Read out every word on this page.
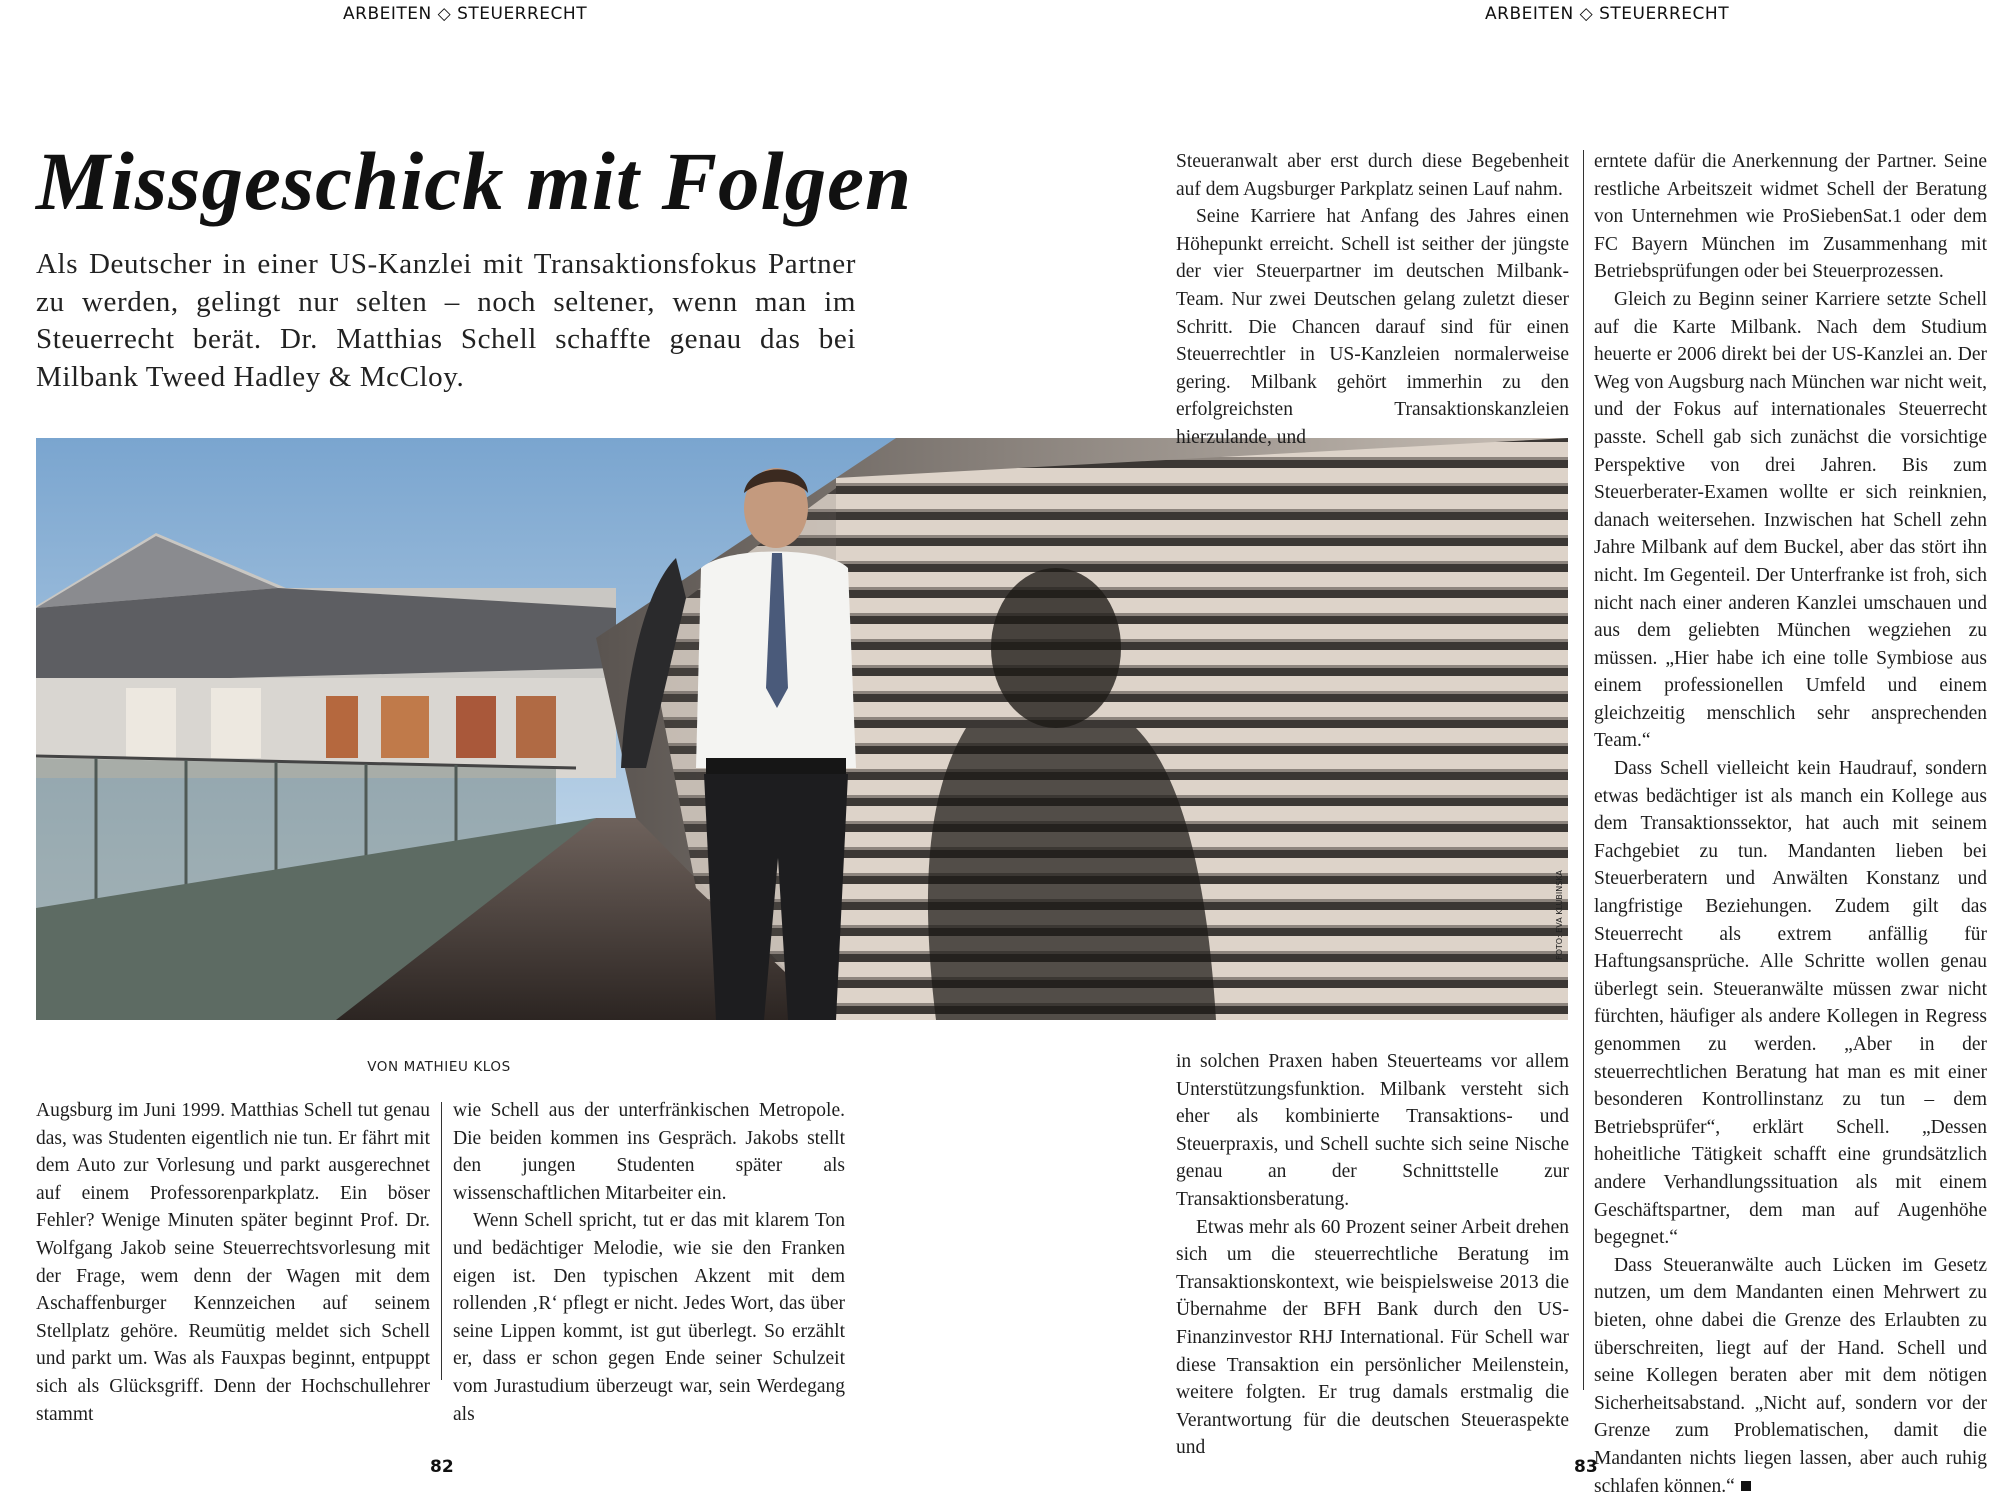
ARBEITEN ◇ STEUERRECHT	ARBEITEN ◇ STEUERRECHT
Missgeschick mit Folgen
Als Deutscher in einer US-Kanzlei mit Transaktionsfokus Partner zu werden, gelingt nur selten – noch seltener, wenn man im Steuerrecht berät. Dr. Matthias Schell schaffte genau das bei Milbank Tweed Hadley & McCloy.
FOTO: EVA KLUBINSKA
VON MATHIEU KLOS

Augsburg im Juni 1999. Matthias Schell tut genau das, was Studenten eigentlich nie tun. Er fährt mit dem Auto zur Vorlesung und parkt ausgerechnet auf einem Professorenparkplatz. Ein böser Fehler? Wenige Minuten später beginnt Prof. Dr. Wolfgang Jakob seine Steuerrechtsvorlesung mit der Frage, wem denn der Wagen mit dem Aschaffenburger Kennzeichen auf seinem Stellplatz gehöre. Reumütig meldet sich Schell und parkt um. Was als Fauxpas beginnt, entpuppt sich als Glücksgriff. Denn der Hochschullehrer stammt

wie Schell aus der unterfränkischen Metropole. Die beiden kommen ins Gespräch. Jakobs stellt den jungen Studenten später als wissenschaftlichen Mitarbeiter ein.

Wenn Schell spricht, tut er das mit klarem Ton und bedächtiger Melodie, wie sie den Franken eigen ist. Den typischen Akzent mit dem rollenden ‚R‘ pflegt er nicht. Jedes Wort, das über seine Lippen kommt, ist gut überlegt. So erzählt er, dass er schon gegen Ende seiner Schulzeit vom Jurastudium überzeugt war, sein Werdegang als

Steueranwalt aber erst durch diese Begebenheit auf dem Augsburger Parkplatz seinen Lauf nahm.

Seine Karriere hat Anfang des Jahres einen Höhepunkt erreicht. Schell ist seither der jüngste der vier Steuerpartner im deutschen Milbank-Team. Nur zwei Deutschen gelang zuletzt dieser Schritt. Die Chancen darauf sind für einen Steuerrechtler in US-Kanzleien normalerweise gering. Milbank gehört immerhin zu den erfolgreichsten Transaktionskanzleien hierzulande, und

in solchen Praxen haben Steuerteams vor allem Unterstützungsfunktion. Milbank versteht sich eher als kombinierte Transaktions- und Steuerpraxis, und Schell suchte sich seine Nische genau an der Schnittstelle zur Transaktionsberatung.

Etwas mehr als 60 Prozent seiner Arbeit drehen sich um die steuerrechtliche Beratung im Transaktionskontext, wie beispielsweise 2013 die Übernahme der BFH Bank durch den US-Finanzinvestor RHJ International. Für Schell war diese Transaktion ein persönlicher Meilenstein, weitere folgten. Er trug damals erstmalig die Verantwortung für die deutschen Steueraspekte und

erntete dafür die Anerkennung der Partner. Seine restliche Arbeitszeit widmet Schell der Beratung von Unternehmen wie ProSiebenSat.1 oder dem FC Bayern München im Zusammenhang mit Betriebsprüfungen oder bei Steuerprozessen.

Gleich zu Beginn seiner Karriere setzte Schell auf die Karte Milbank. Nach dem Studium heuerte er 2006 direkt bei der US-Kanzlei an. Der Weg von Augsburg nach München war nicht weit, und der Fokus auf internationales Steuerrecht passte. Schell gab sich zunächst die vorsichtige Perspektive von drei Jahren. Bis zum Steuerberater-Examen wollte er sich reinknien, danach weitersehen. Inzwischen hat Schell zehn Jahre Milbank auf dem Buckel, aber das stört ihn nicht. Im Gegenteil. Der Unterfranke ist froh, sich nicht nach einer anderen Kanzlei umschauen und aus dem geliebten München wegziehen zu müssen. „Hier habe ich eine tolle Symbiose aus einem professionellen Umfeld und einem gleichzeitig menschlich sehr ansprechenden Team.“

Dass Schell vielleicht kein Haudrauf, sondern etwas bedächtiger ist als manch ein Kollege aus dem Transaktionssektor, hat auch mit seinem Fachgebiet zu tun. Mandanten lieben bei Steuerberatern und Anwälten Konstanz und langfristige Beziehungen. Zudem gilt das Steuerrecht als extrem anfällig für Haftungsansprüche. Alle Schritte wollen genau überlegt sein. Steueranwälte müssen zwar nicht fürchten, häufiger als andere Kollegen in Regress genommen zu werden. „Aber in der steuerrechtlichen Beratung hat man es mit einer besonderen Kontrollinstanz zu tun – dem Betriebsprüfer“, erklärt Schell. „Dessen hoheitliche Tätigkeit schafft eine grundsätzlich andere Verhandlungssituation als mit einem Geschäftspartner, dem man auf Augenhöhe begegnet.“

Dass Steueranwälte auch Lücken im Gesetz nutzen, um dem Mandanten einen Mehrwert zu bieten, ohne dabei die Grenze des Erlaubten zu überschreiten, liegt auf der Hand. Schell und seine Kollegen beraten aber mit dem nötigen Sicherheitsabstand. „Nicht auf, sondern vor der Grenze zum Problematischen, damit die Mandanten nichts liegen lassen, aber auch ruhig schlafen können.“

82	83
